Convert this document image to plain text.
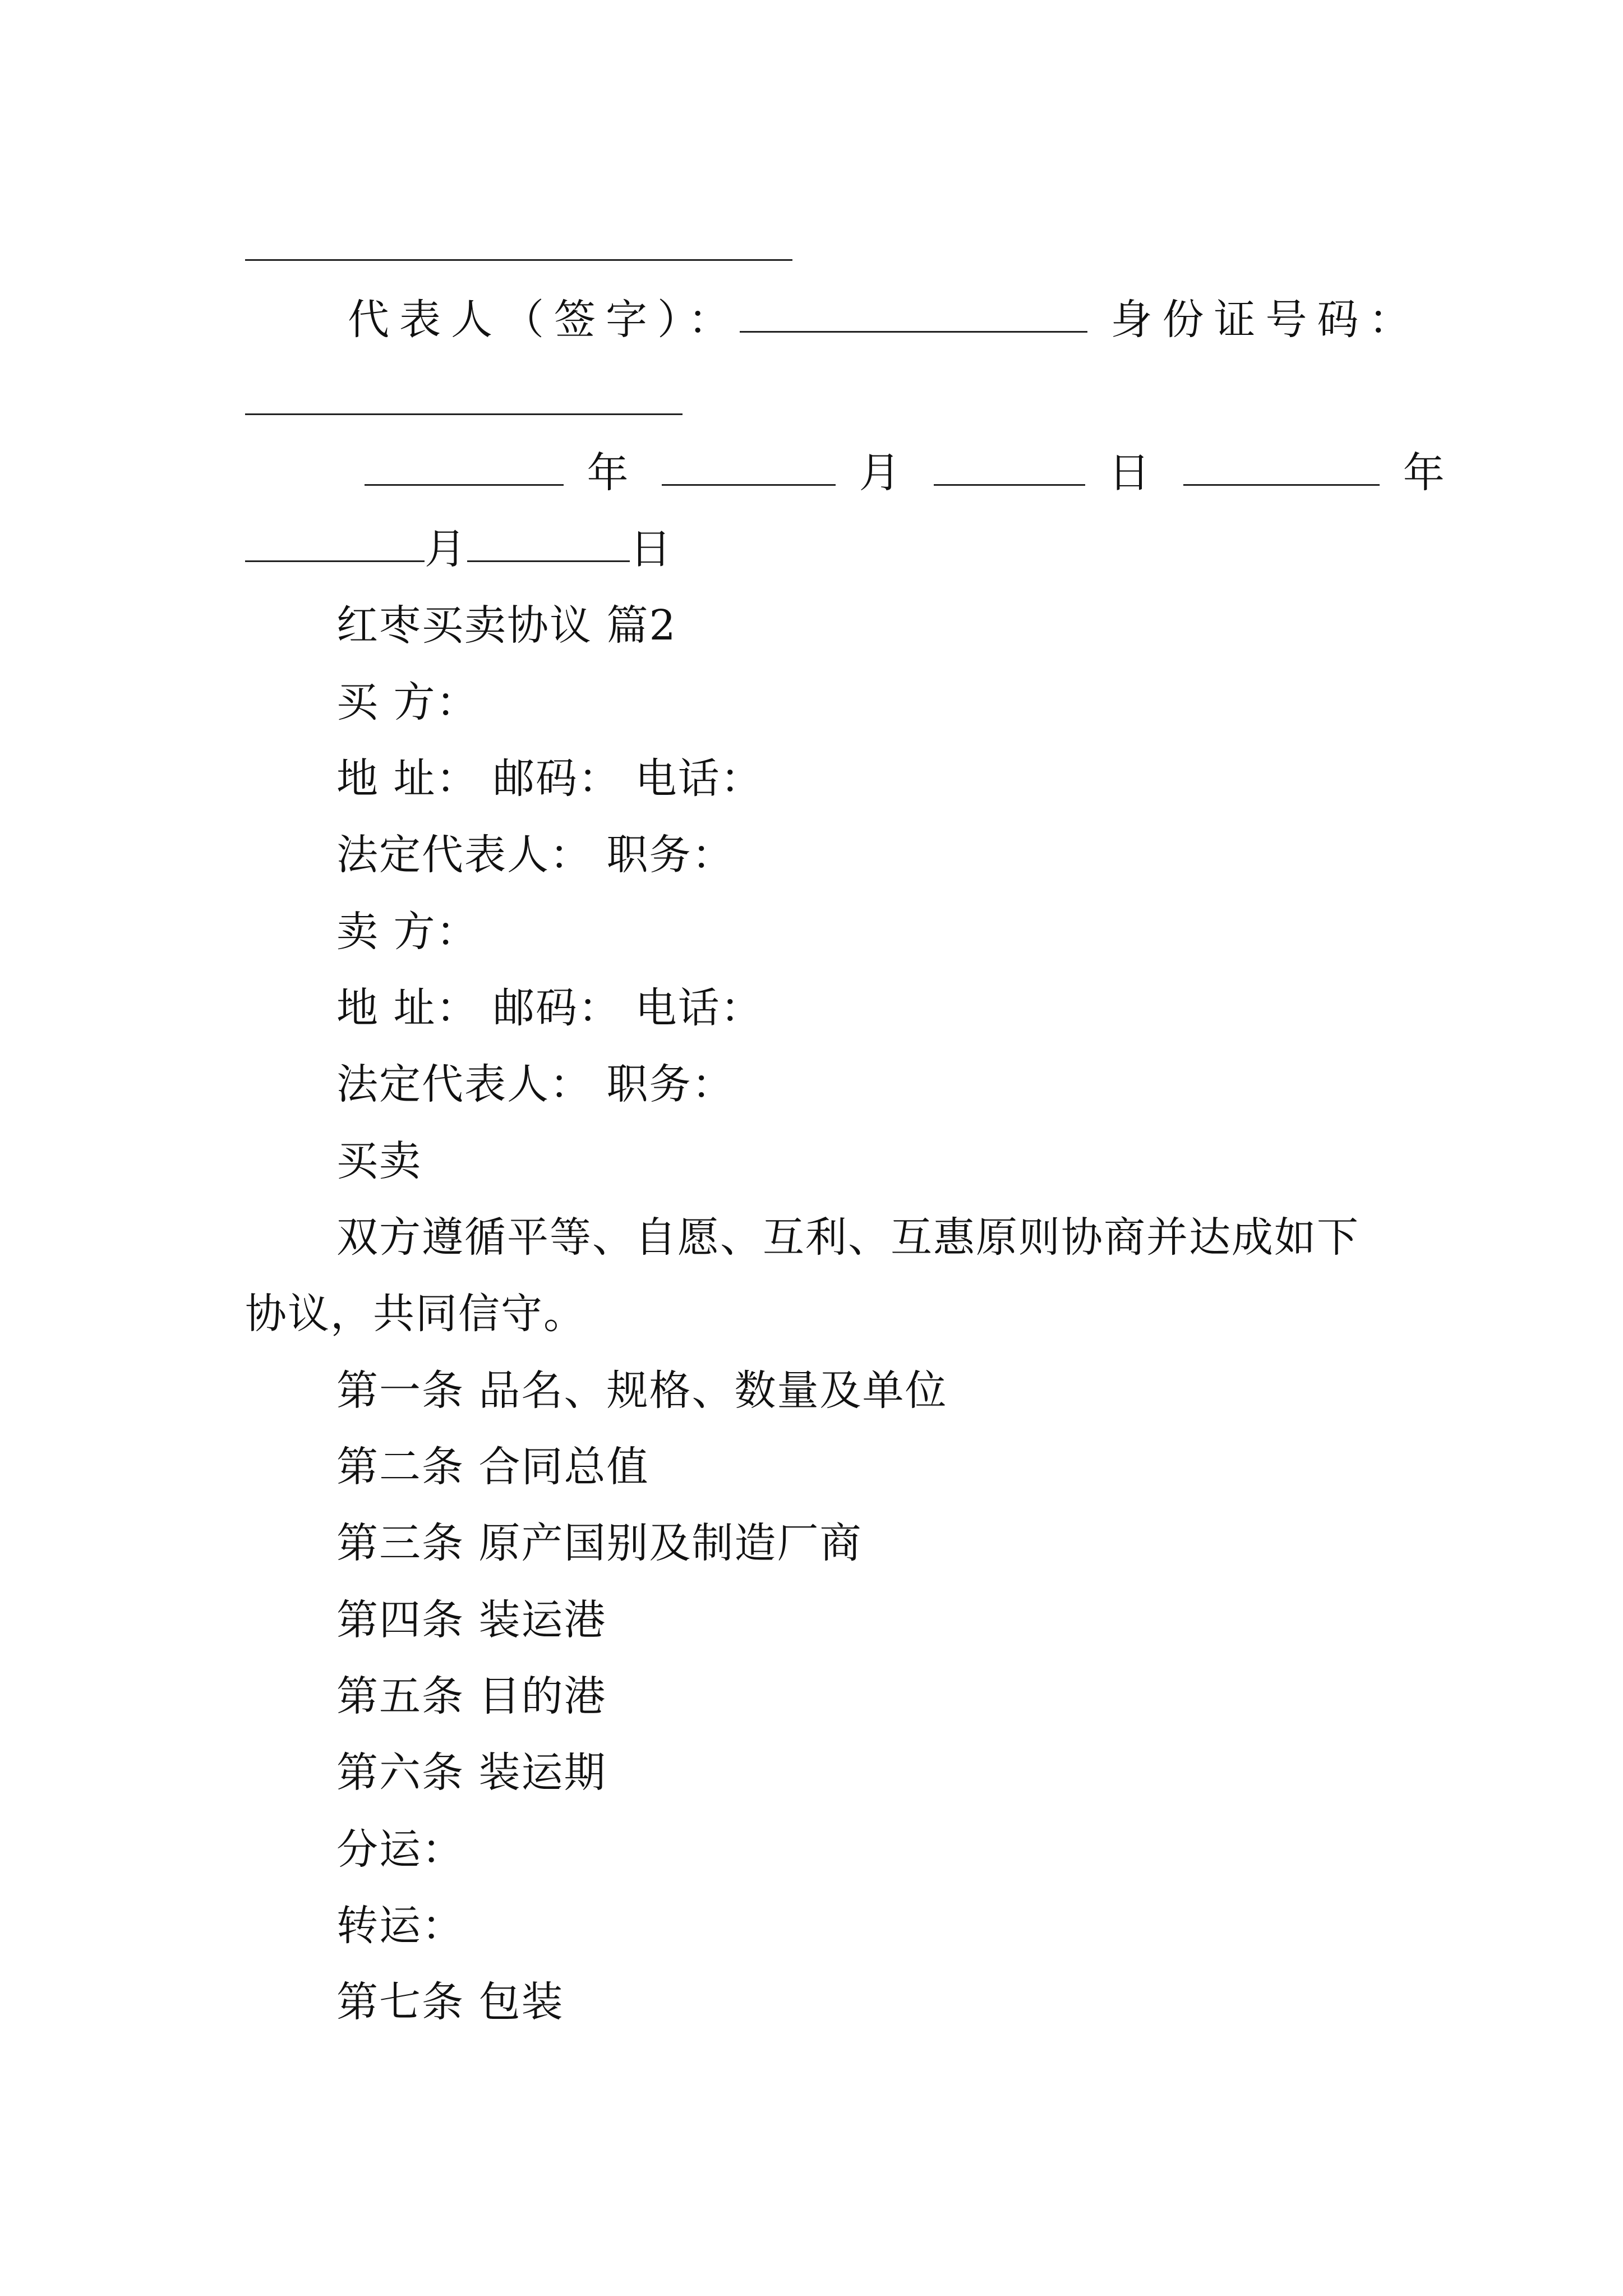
代表人（签字）：	身份证号码：
年	月	日	年
月	日
红枣买卖协议 篇2
买 方：
地 址： 邮码： 电话：
法定代表人： 职务：
卖 方：
地 址： 邮码： 电话：
法定代表人： 职务：
买卖
双方遵循平等、自愿、互利、互惠原则协商并达成如下
协议，共同信守。
第一条 品名、规格、数量及单位
第二条 合同总值
第三条 原产国别及制造厂商
第四条 装运港
第五条 目的港
第六条 装运期
分运：
转运：
第七条 包装
